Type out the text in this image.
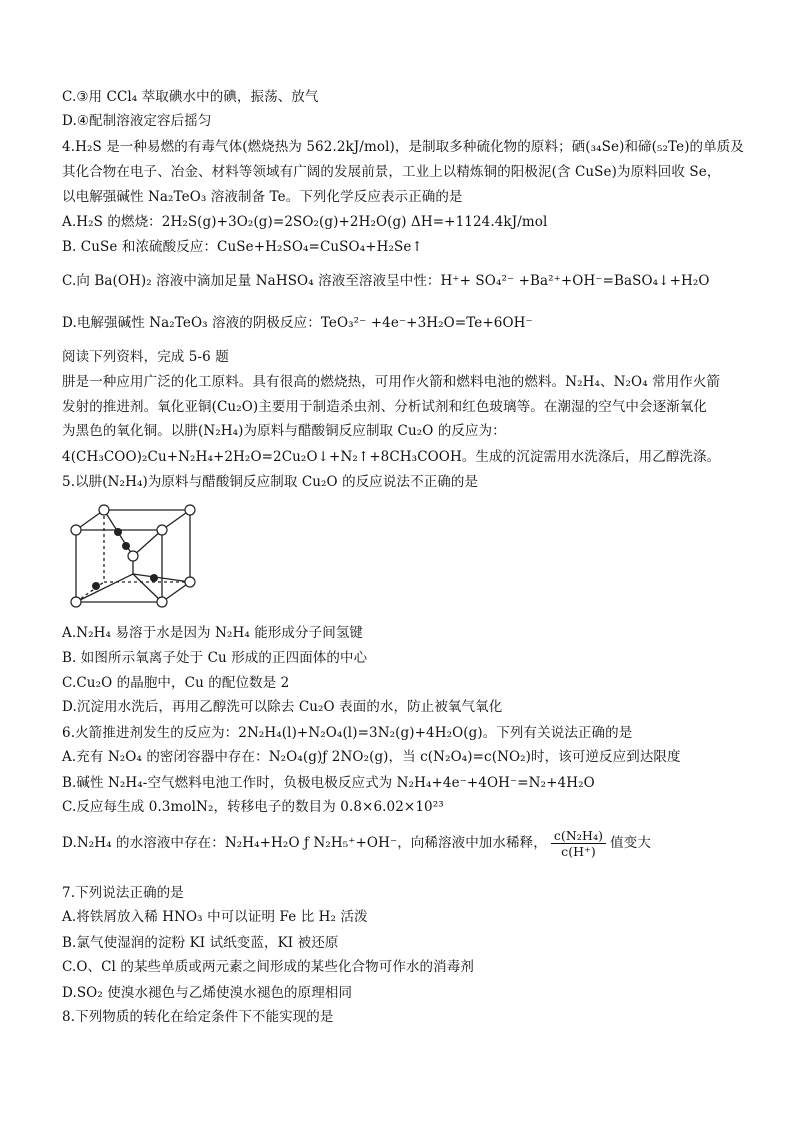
C.③用 CCl₄ 萃取碘水中的碘，振荡、放气
D.④配制溶液定容后摇匀
4.H₂S 是一种易燃的有毒气体(燃烧热为 562.2kJ/mol)，是制取多种硫化物的原料；硒(₃₄Se)和碲(₅₂Te)的单质及
其化合物在电子、冶金、材料等领域有广阔的发展前景，工业上以精炼铜的阳极泥(含 CuSe)为原料回收 Se，
以电解强碱性 Na₂TeO₃ 溶液制备 Te。下列化学反应表示正确的是
A.H₂S 的燃烧：2H₂S(g)+3O₂(g)=2SO₂(g)+2H₂O(g) ΔH=+1124.4kJ/mol
B. CuSe 和浓硫酸反应：CuSe+H₂SO₄=CuSO₄+H₂Se↑
C.向 Ba(OH)₂ 溶液中滴加足量 NaHSO₄ 溶液至溶液呈中性：H⁺+ SO₄²⁻ +Ba²⁺+OH⁻=BaSO₄↓+H₂O
D.电解强碱性 Na₂TeO₃ 溶液的阴极反应：TeO₃²⁻ +4e⁻+3H₂O=Te+6OH⁻
阅读下列资料，完成 5-6 题
肼是一种应用广泛的化工原料。具有很高的燃烧热，可用作火箭和燃料电池的燃料。N₂H₄、N₂O₄ 常用作火箭
发射的推进剂。氧化亚铜(Cu₂O)主要用于制造杀虫剂、分析试剂和红色玻璃等。在潮湿的空气中会逐渐氧化
为黑色的氧化铜。以肼(N₂H₄)为原料与醋酸铜反应制取 Cu₂O 的反应为：
4(CH₃COO)₂Cu+N₂H₄+2H₂O=2Cu₂O↓+N₂↑+8CH₃COOH。生成的沉淀需用水洗涤后，用乙醇洗涤。
5.以肼(N₂H₄)为原料与醋酸铜反应制取 Cu₂O 的反应说法不正确的是
A.N₂H₄ 易溶于水是因为 N₂H₄ 能形成分子间氢键
B. 如图所示氧离子处于 Cu 形成的正四面体的中心
C.Cu₂O 的晶胞中，Cu 的配位数是 2
D.沉淀用水洗后，再用乙醇洗可以除去 Cu₂O 表面的水，防止被氧气氧化
6.火箭推进剂发生的反应为：2N₂H₄(l)+N₂O₄(l)=3N₂(g)+4H₂O(g)。下列有关说法正确的是
A.充有 N₂O₄ 的密闭容器中存在：N₂O₄(g)ƒ 2NO₂(g)，当 c(N₂O₄)=c(NO₂)时，该可逆反应到达限度
B.碱性 N₂H₄-空气燃料电池工作时，负极电极反应式为 N₂H₄+4e⁻+4OH⁻=N₂+4H₂O
C.反应每生成 0.3molN₂，转移电子的数目为 0.8×6.02×10²³
D.N₂H₄ 的水溶液中存在：N₂H₄+H₂O ƒ N₂H₅⁺+OH⁻，向稀溶液中加水稀释， $\frac{\text{c(N₂H₄)}}{c(H^+)}$ 值变大
7.下列说法正确的是
A.将铁屑放入稀 HNO₃ 中可以证明 Fe 比 H₂ 活泼
B.氯气使湿润的淀粉 KI 试纸变蓝，KI 被还原
C.O、Cl 的某些单质或两元素之间形成的某些化合物可作水的消毒剂
D.SO₂ 使溴水褪色与乙烯使溴水褪色的原理相同
8.下列物质的转化在给定条件下不能实现的是
